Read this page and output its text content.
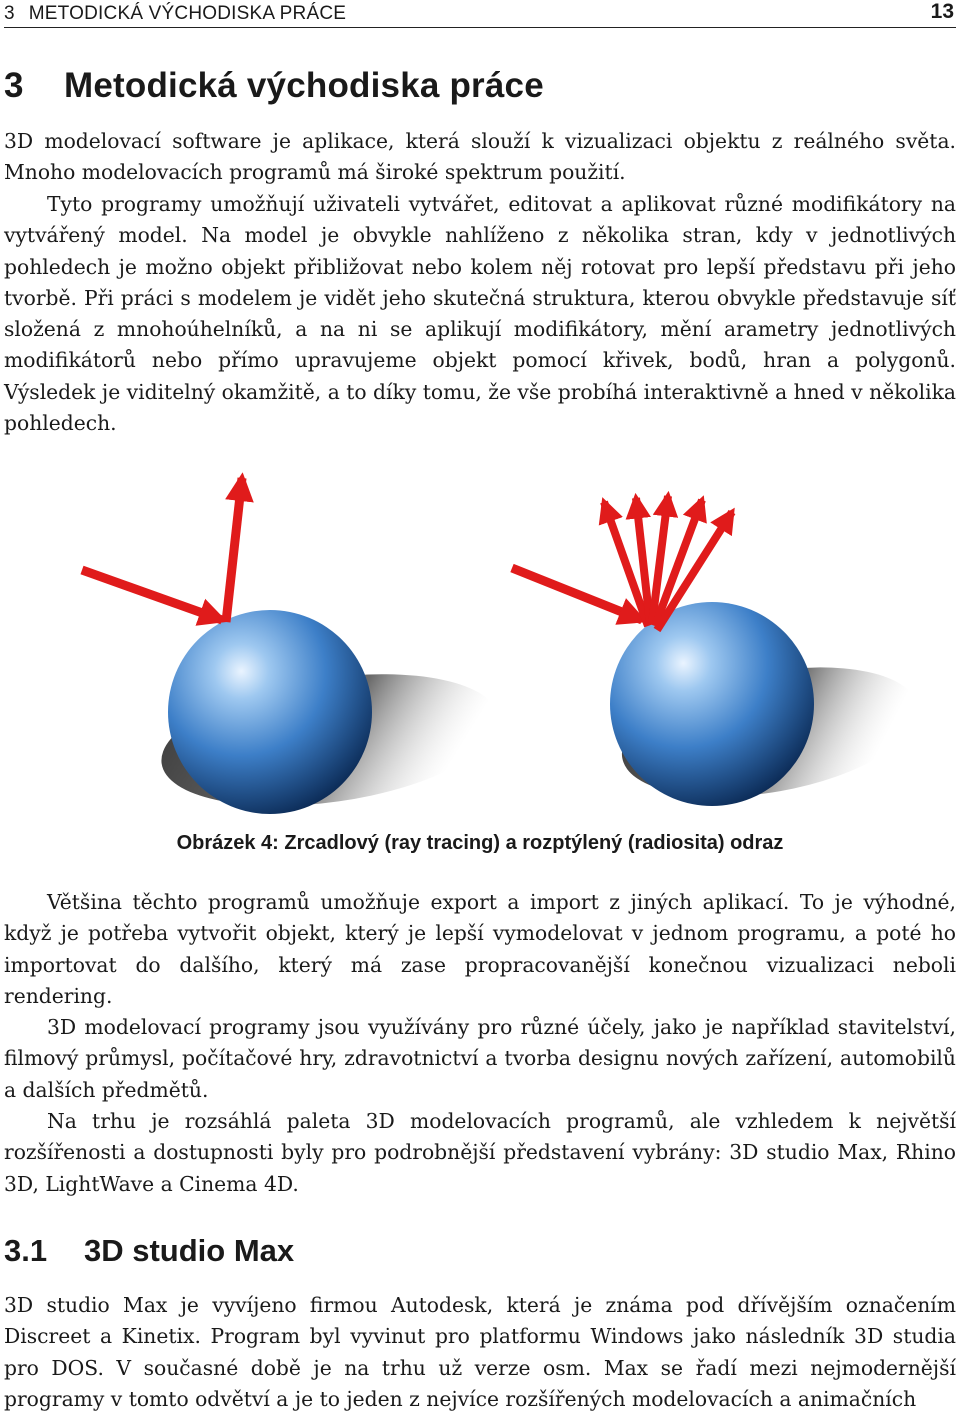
3 METODICKÁ VÝCHODISKA PRÁCE	13
3 Metodická východiska práce

3D modelovací software je aplikace, která slouží k vizualizaci objektu z reálného světa. Mnoho modelovacích programů má široké spektrum použití.

Tyto programy umožňují uživateli vytvářet, editovat a aplikovat různé modifikátory na vytvářený model. Na model je obvykle nahlíženo z několika stran, kdy v jednotlivých pohledech je možno objekt přibližovat nebo kolem něj rotovat pro lepší představu při jeho tvorbě. Při práci s modelem je vidět jeho skutečná struktura, kterou obvykle představuje síť složená z mnohoúhelníků, a na ni se aplikují modifikátory, mění arametry jednotlivých modifikátorů nebo přímo upravujeme objekt pomocí křivek, bodů, hran a polygonů. Výsledek je viditelný okamžitě, a to díky tomu, že vše probíhá interaktivně a hned v několika pohledech.

Obrázek 4: Zrcadlový (ray tracing) a rozptýlený (radiosita) odraz

Většina těchto programů umožňuje export a import z jiných aplikací. To je výhodné, když je potřeba vytvořit objekt, který je lepší vymodelovat v jednom programu, a poté ho importovat do dalšího, který má zase propracovanější konečnou vizualizaci neboli rendering.

3D modelovací programy jsou využívány pro různé účely, jako je například stavitelství, filmový průmysl, počítačové hry, zdravotnictví a tvorba designu nových zařízení, automobilů a dalších předmětů.

Na trhu je rozsáhlá paleta 3D modelovacích programů, ale vzhledem k největší rozšířenosti a dostupnosti byly pro podrobnější představení vybrány: 3D studio Max, Rhino 3D, LightWave a Cinema 4D.

3.1 3D studio Max

3D studio Max je vyvíjeno firmou Autodesk, která je známa pod dřívějším označením Discreet a Kinetix. Program byl vyvinut pro platformu Windows jako následník 3D studia pro DOS. V současné době je na trhu už verze osm. Max se řadí mezi nejmodernější programy v tomto odvětví a je to jeden z nejvíce rozšířených modelovacích a animačních
